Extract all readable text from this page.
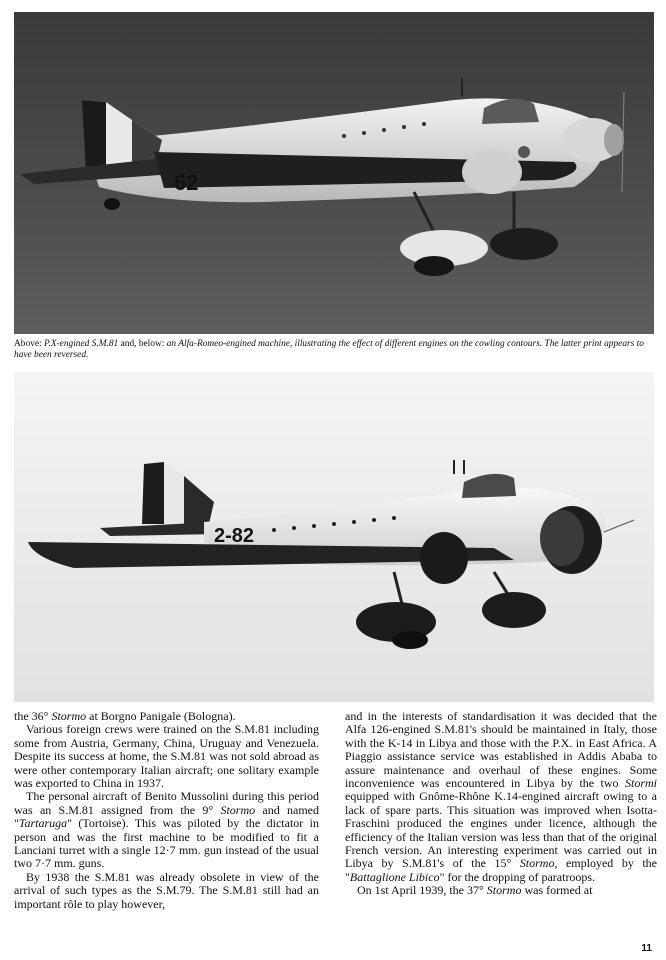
62
Above: P.X-engined S.M.81 and, below: an Alfa-Romeo-engined machine, illustrating the effect of different engines on the cowling contours. The latter print appears to have been reversed.
2-82

the 36° Stormo at Borgno Panigale (Bologna).

Various foreign crews were trained on the S.M.81 including some from Austria, Germany, China, Uruguay and Venezuela. Despite its success at home, the S.M.81 was not sold abroad as were other contemporary Italian aircraft; one solitary example was exported to China in 1937.

The personal aircraft of Benito Mussolini during this period was an S.M.81 assigned from the 9° Stormo and named "Tartaruga" (Tortoise). This was piloted by the dictator in person and was the first machine to be modified to fit a Lanciani turret with a single 12·7 mm. gun instead of the usual two 7·7 mm. guns.

By 1938 the S.M.81 was already obsolete in view of the arrival of such types as the S.M.79. The S.M.81 still had an important rôle to play however,

and in the interests of standardisation it was decided that the Alfa 126-engined S.M.81's should be maintained in Italy, those with the K-14 in Libya and those with the P.X. in East Africa. A Piaggio assistance service was established in Addis Ababa to assure maintenance and overhaul of these engines. Some inconvenience was encountered in Libya by the two Stormi equipped with Gnôme-Rhône K.14-engined aircraft owing to a lack of spare parts. This situation was improved when Isotta-Fraschini produced the engines under licence, although the efficiency of the Italian version was less than that of the original French version. An interesting experiment was carried out in Libya by S.M.81's of the 15° Stormo, employed by the "Battaglione Libico" for the dropping of paratroops.

On 1st April 1939, the 37° Stormo was formed at

11
